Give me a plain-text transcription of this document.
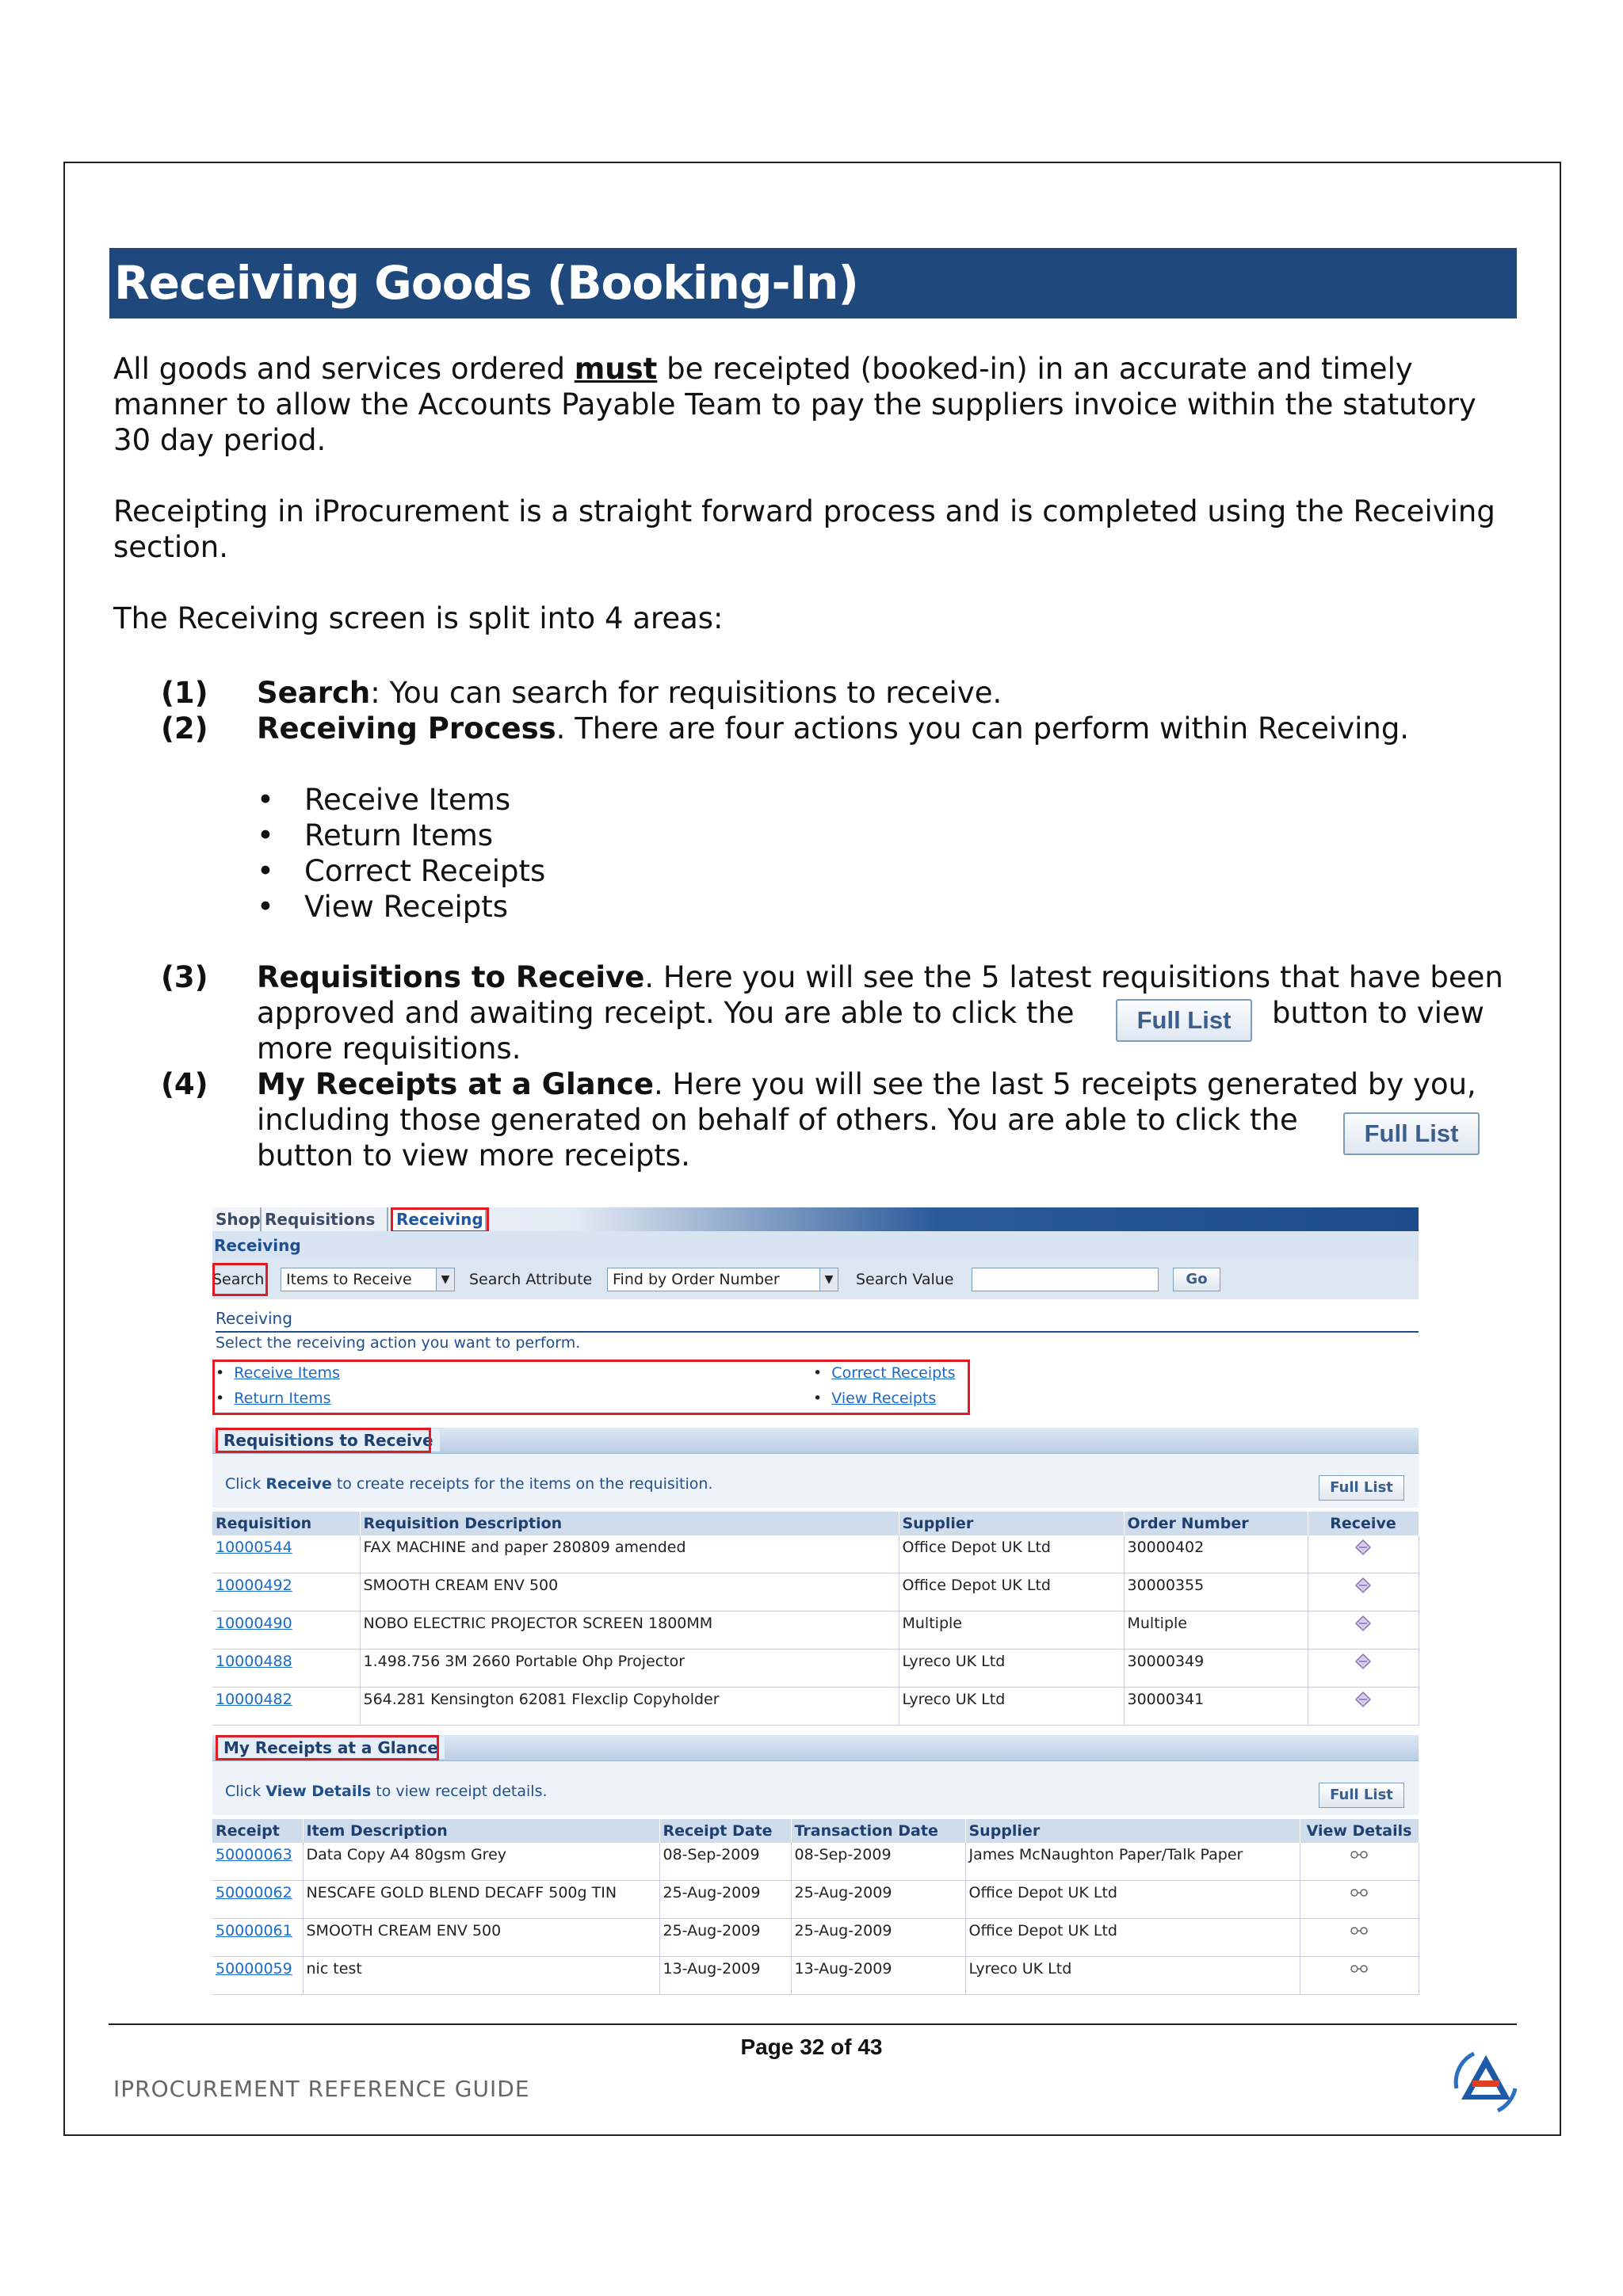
Receiving Goods (Booking-In)
All goods and services ordered must be receipted (booked-in) in an accurate and timely manner to allow the Accounts Payable Team to pay the suppliers invoice within the statutory 30 day period.
Receipting in iProcurement is a straight forward process and is completed using the Receiving section.
The Receiving screen is split into 4 areas:
(1) Search: You can search for requisitions to receive.
(2) Receiving Process. There are four actions you can perform within Receiving.
• Receive Items
• Return Items
• Correct Receipts
• View Receipts
(3) Requisitions to Receive. Here you will see the 5 latest requisitions that have been approved and awaiting receipt. You are able to click the	button to view
more requisitions.
Full List
(4) My Receipts at a Glance. Here you will see the last 5 receipts generated by you, including those generated on behalf of others. You are able to click the
button to view more receipts.
Full List
Shop Requisitions	Receiving
Receiving
Search	Items to Receive	▼ Search Attribute	Find by Order Number	▼ Search Value	Go
Receiving
Select the receiving action you want to perform.
•  Receive Items
•  Return Items
•  Correct Receipts
•  View Receipts
Requisitions to Receive
Click Receive to create receipts for the items on the requisition.	Full List
Requisition	Requisition Description	Supplier	Order Number	Receive
10000544	FAX MACHINE and paper 280809 amended	Office Depot UK Ltd	30000402	
10000492	SMOOTH CREAM ENV 500	Office Depot UK Ltd	30000355	
10000490	NOBO ELECTRIC PROJECTOR SCREEN 1800MM	Multiple	Multiple	
10000488	1.498.756 3M 2660 Portable Ohp Projector	Lyreco UK Ltd	30000349	
10000482	564.281 Kensington 62081 Flexclip Copyholder	Lyreco UK Ltd	30000341	
My Receipts at a Glance
Click View Details to view receipt details.	Full List
Receipt	Item Description	Receipt Date	Transaction Date	Supplier	View Details
50000063	Data Copy A4 80gsm Grey	08-Sep-2009	08-Sep-2009	James McNaughton Paper/Talk Paper	
50000062	NESCAFE GOLD BLEND DECAFF 500g TIN	25-Aug-2009	25-Aug-2009	Office Depot UK Ltd	
50000061	SMOOTH CREAM ENV 500	25-Aug-2009	25-Aug-2009	Office Depot UK Ltd	
50000059	nic test	13-Aug-2009	13-Aug-2009	Lyreco UK Ltd	
Page 32 of 43
IPROCUREMENT REFERENCE GUIDE
